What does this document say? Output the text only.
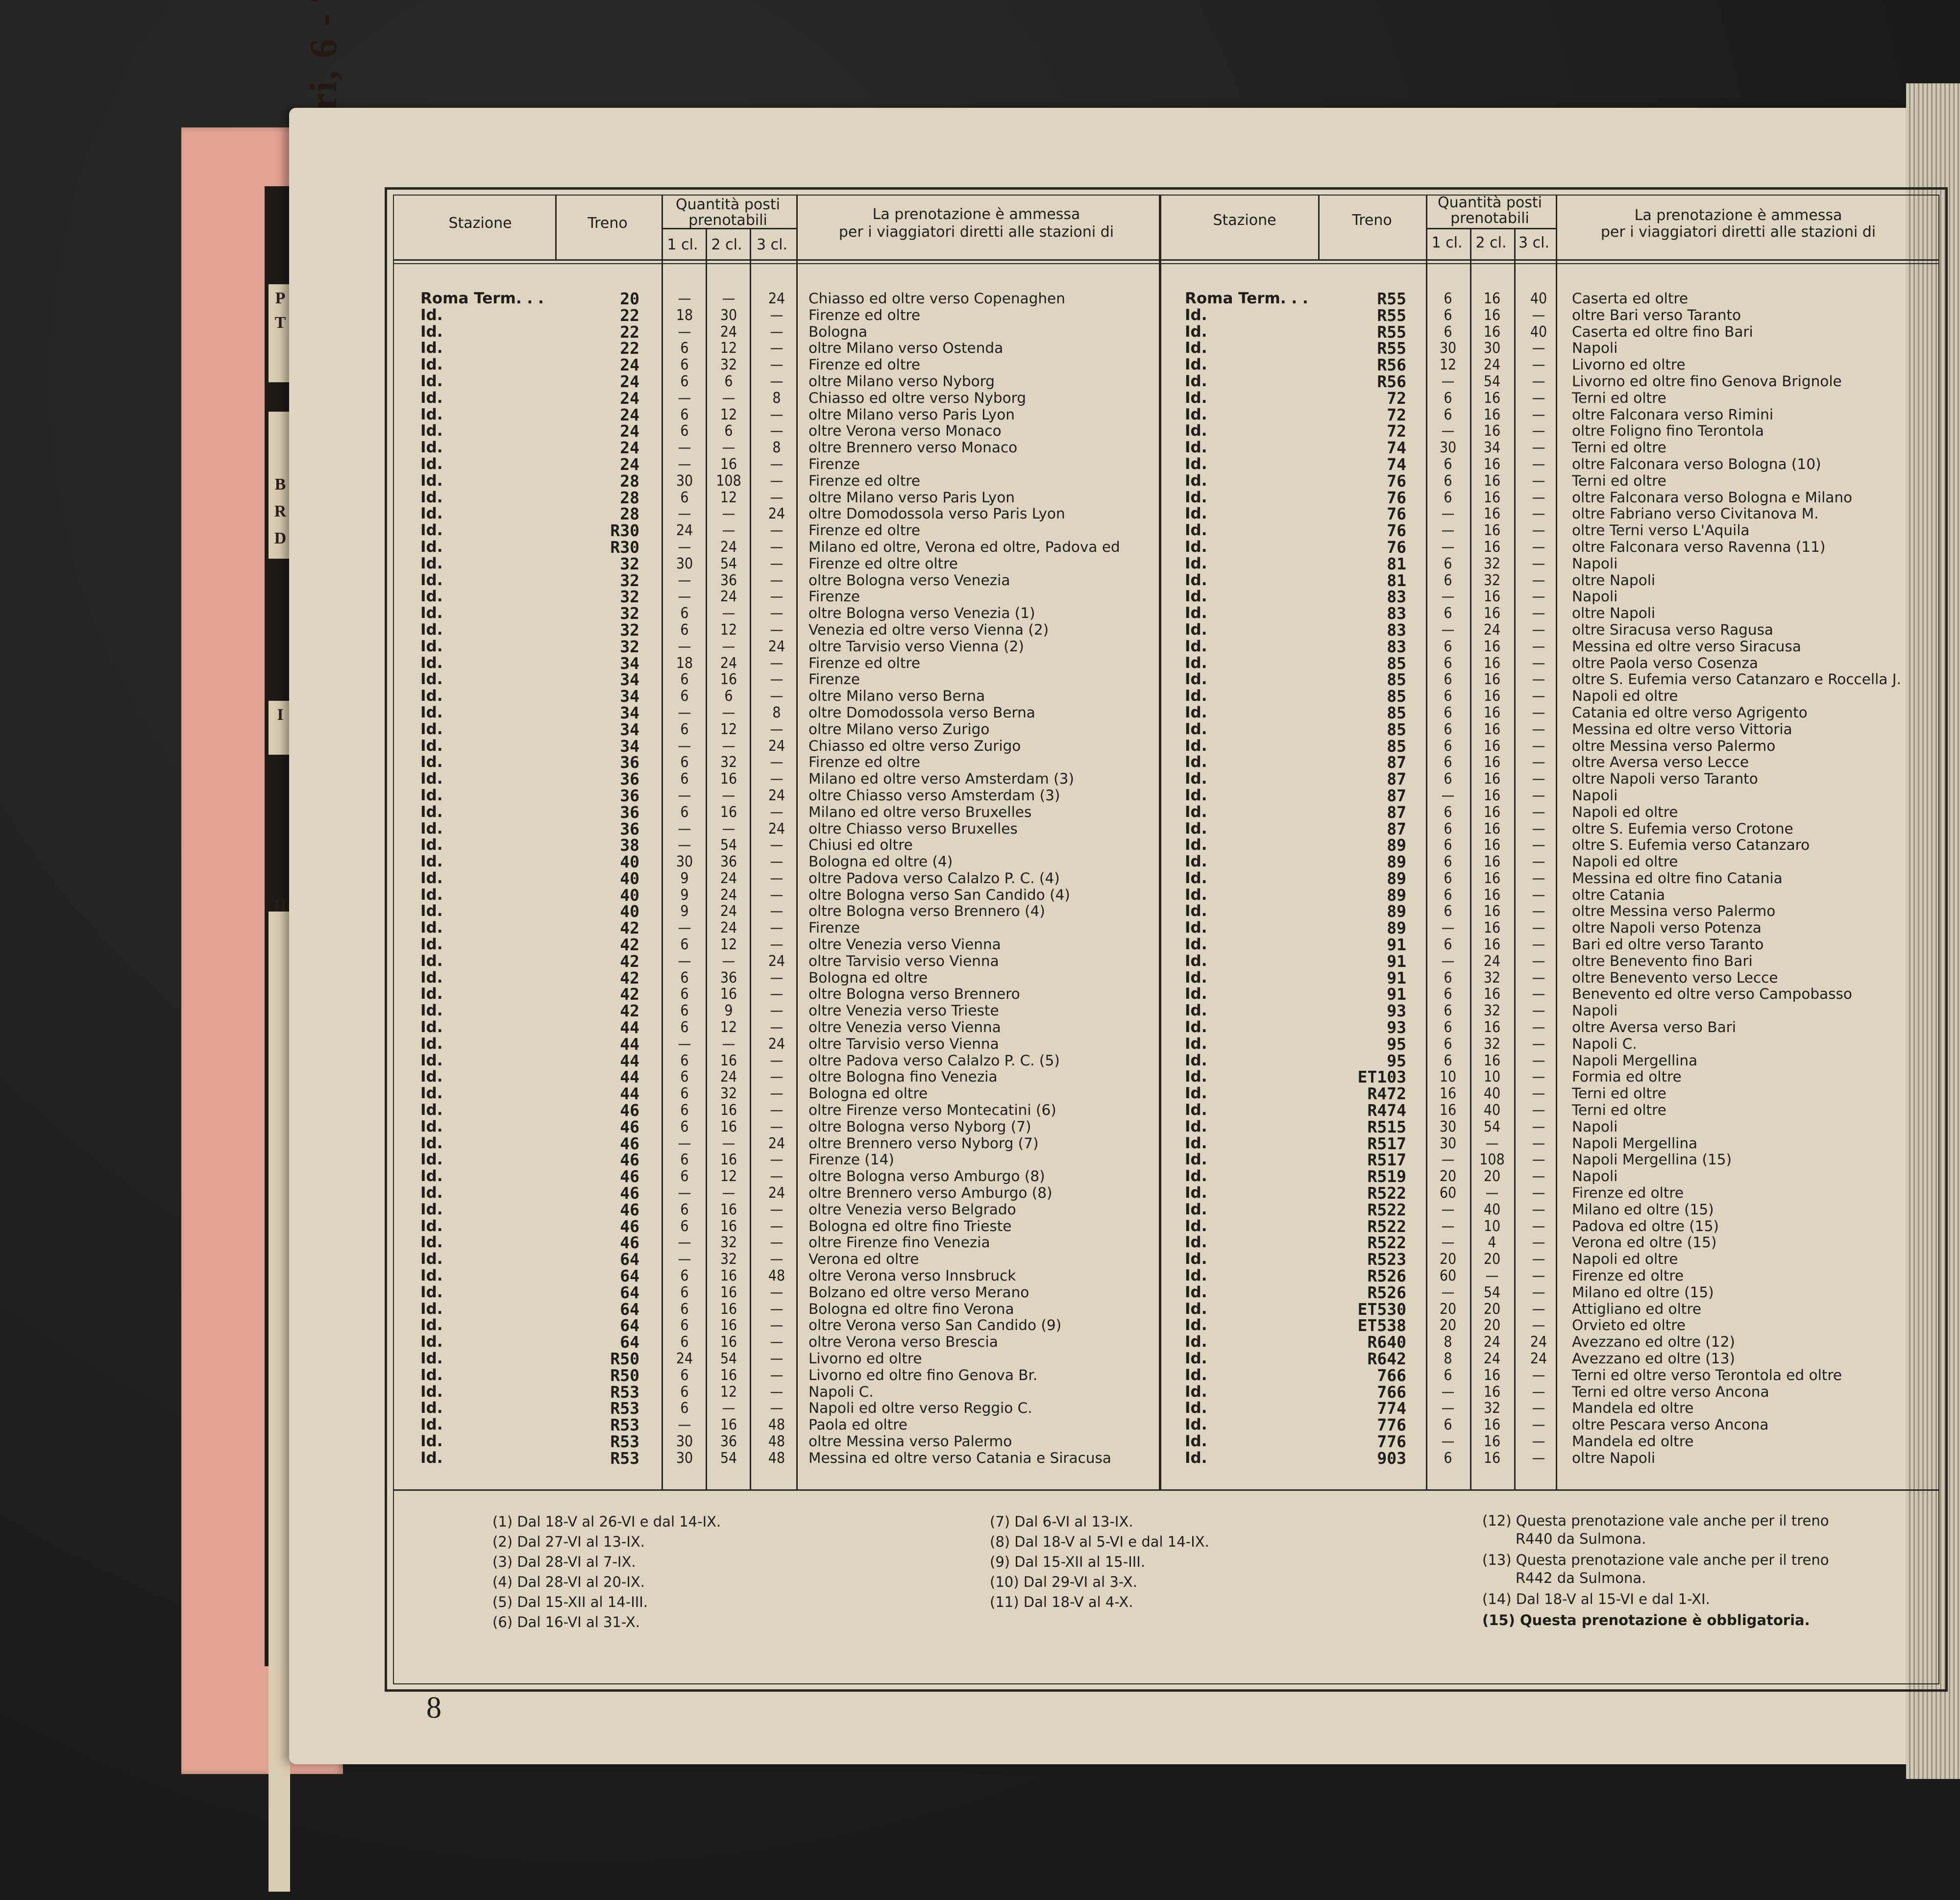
P
T
B
R
D
I
H
Stazione	Treno
Quantità posti
prenotabili
1 cl. 2 cl. 3 cl.
La prenotazione è ammessa
per i viaggiatori diretti alle stazioni di
Stazione	Treno
Quantità posti
prenotabili
1 cl. 2 cl. 3 cl.
La prenotazione è ammessa
per i viaggiatori diretti alle stazioni di
Roma Term. . .	20	—	—	24	Chiasso ed oltre verso Copenaghen
Id.	22	18	30	—	Firenze ed oltre
Id.	22	—	24	—	Bologna
Id.	22	6	12	—	oltre Milano verso Ostenda
Id.	24	6	32	—	Firenze ed oltre
Id.	24	6	6	—	oltre Milano verso Nyborg
Id.	24	—	—	8	Chiasso ed oltre verso Nyborg
Id.	24	6	12	—	oltre Milano verso Paris Lyon
Id.	24	6	6	—	oltre Verona verso Monaco
Id.	24	—	—	8	oltre Brennero verso Monaco
Id.	24	—	16	—	Firenze
Id.	28	30	108	—	Firenze ed oltre
Id.	28	6	12	—	oltre Milano verso Paris Lyon
Id.	28	—	—	24	oltre Domodossola verso Paris Lyon
Id.	R30	24	—	—	Firenze ed oltre
Id.	R30	—	24	—	Milano ed oltre, Verona ed oltre, Padova ed
Id.	32	30	54	—	Firenze ed oltre oltre
Id.	32	—	36	—	oltre Bologna verso Venezia
Id.	32	—	24	—	Firenze
Id.	32	6	—	—	oltre Bologna verso Venezia (1)
Id.	32	6	12	—	Venezia ed oltre verso Vienna (2)
Id.	32	—	—	24	oltre Tarvisio verso Vienna (2)
Id.	34	18	24	—	Firenze ed oltre
Id.	34	6	16	—	Firenze
Id.	34	6	6	—	oltre Milano verso Berna
Id.	34	—	—	8	oltre Domodossola verso Berna
Id.	34	6	12	—	oltre Milano verso Zurigo
Id.	34	—	—	24	Chiasso ed oltre verso Zurigo
Id.	36	6	32	—	Firenze ed oltre
Id.	36	6	16	—	Milano ed oltre verso Amsterdam (3)
Id.	36	—	—	24	oltre Chiasso verso Amsterdam (3)
Id.	36	6	16	—	Milano ed oltre verso Bruxelles
Id.	36	—	—	24	oltre Chiasso verso Bruxelles
Id.	38	—	54	—	Chiusi ed oltre
Id.	40	30	36	—	Bologna ed oltre (4)
Id.	40	9	24	—	oltre Padova verso Calalzo P. C. (4)
Id.	40	9	24	—	oltre Bologna verso San Candido (4)
Id.	40	9	24	—	oltre Bologna verso Brennero (4)
Id.	42	—	24	—	Firenze
Id.	42	6	12	—	oltre Venezia verso Vienna
Id.	42	—	—	24	oltre Tarvisio verso Vienna
Id.	42	6	36	—	Bologna ed oltre
Id.	42	6	16	—	oltre Bologna verso Brennero
Id.	42	6	9	—	oltre Venezia verso Trieste
Id.	44	6	12	—	oltre Venezia verso Vienna
Id.	44	—	—	24	oltre Tarvisio verso Vienna
Id.	44	6	16	—	oltre Padova verso Calalzo P. C. (5)
Id.	44	6	24	—	oltre Bologna fino Venezia
Id.	44	6	32	—	Bologna ed oltre
Id.	46	6	16	—	oltre Firenze verso Montecatini (6)
Id.	46	6	16	—	oltre Bologna verso Nyborg (7)
Id.	46	—	—	24	oltre Brennero verso Nyborg (7)
Id.	46	6	16	—	Firenze (14)
Id.	46	6	12	—	oltre Bologna verso Amburgo (8)
Id.	46	—	—	24	oltre Brennero verso Amburgo (8)
Id.	46	6	16	—	oltre Venezia verso Belgrado
Id.	46	6	16	—	Bologna ed oltre fino Trieste
Id.	46	—	32	—	oltre Firenze fino Venezia
Id.	64	—	32	—	Verona ed oltre
Id.	64	6	16	48	oltre Verona verso Innsbruck
Id.	64	6	16	—	Bolzano ed oltre verso Merano
Id.	64	6	16	—	Bologna ed oltre fino Verona
Id.	64	6	16	—	oltre Verona verso San Candido (9)
Id.	64	6	16	—	oltre Verona verso Brescia
Id.	R50	24	54	—	Livorno ed oltre
Id.	R50	6	16	—	Livorno ed oltre fino Genova Br.
Id.	R53	6	12	—	Napoli C.
Id.	R53	6	—	—	Napoli ed oltre verso Reggio C.
Id.	R53	—	16	48	Paola ed oltre
Id.	R53	30	36	48	oltre Messina verso Palermo
Id.	R53	30	54	48	Messina ed oltre verso Catania e Siracusa
Roma Term. . .	R55	6	16	40	Caserta ed oltre
Id.	R55	6	16	—	oltre Bari verso Taranto
Id.	R55	6	16	40	Caserta ed oltre fino Bari
Id.	R55	30	30	—	Napoli
Id.	R56	12	24	—	Livorno ed oltre
Id.	R56	—	54	—	Livorno ed oltre fino Genova Brignole
Id.	72	6	16	—	Terni ed oltre
Id.	72	6	16	—	oltre Falconara verso Rimini
Id.	72	—	16	—	oltre Foligno fino Terontola
Id.	74	30	34	—	Terni ed oltre
Id.	74	6	16	—	oltre Falconara verso Bologna (10)
Id.	76	6	16	—	Terni ed oltre
Id.	76	6	16	—	oltre Falconara verso Bologna e Milano
Id.	76	—	16	—	oltre Fabriano verso Civitanova M.
Id.	76	—	16	—	oltre Terni verso L'Aquila
Id.	76	—	16	—	oltre Falconara verso Ravenna (11)
Id.	81	6	32	—	Napoli
Id.	81	6	32	—	oltre Napoli
Id.	83	—	16	—	Napoli
Id.	83	6	16	—	oltre Napoli
Id.	83	—	24	—	oltre Siracusa verso Ragusa
Id.	83	6	16	—	Messina ed oltre verso Siracusa
Id.	85	6	16	—	oltre Paola verso Cosenza
Id.	85	6	16	—	oltre S. Eufemia verso Catanzaro e Roccella J.
Id.	85	6	16	—	Napoli ed oltre
Id.	85	6	16	—	Catania ed oltre verso Agrigento
Id.	85	6	16	—	Messina ed oltre verso Vittoria
Id.	85	6	16	—	oltre Messina verso Palermo
Id.	87	6	16	—	oltre Aversa verso Lecce
Id.	87	6	16	—	oltre Napoli verso Taranto
Id.	87	—	16	—	Napoli
Id.	87	6	16	—	Napoli ed oltre
Id.	87	6	16	—	oltre S. Eufemia verso Crotone
Id.	89	6	16	—	oltre S. Eufemia verso Catanzaro
Id.	89	6	16	—	Napoli ed oltre
Id.	89	6	16	—	Messina ed oltre fino Catania
Id.	89	6	16	—	oltre Catania
Id.	89	6	16	—	oltre Messina verso Palermo
Id.	89	—	16	—	oltre Napoli verso Potenza
Id.	91	6	16	—	Bari ed oltre verso Taranto
Id.	91	—	24	—	oltre Benevento fino Bari
Id.	91	6	32	—	oltre Benevento verso Lecce
Id.	91	6	16	—	Benevento ed oltre verso Campobasso
Id.	93	6	32	—	Napoli
Id.	93	6	16	—	oltre Aversa verso Bari
Id.	95	6	32	—	Napoli C.
Id.	95	6	16	—	Napoli Mergellina
Id.	ET103	10	10	—	Formia ed oltre
Id.	R472	16	40	—	Terni ed oltre
Id.	R474	16	40	—	Terni ed oltre
Id.	R515	30	54	—	Napoli
Id.	R517	30	—	—	Napoli Mergellina
Id.	R517	—	108	—	Napoli Mergellina (15)
Id.	R519	20	20	—	Napoli
Id.	R522	60	—	—	Firenze ed oltre
Id.	R522	—	40	—	Milano ed oltre (15)
Id.	R522	—	10	—	Padova ed oltre (15)
Id.	R522	—	4	—	Verona ed oltre (15)
Id.	R523	20	20	—	Napoli ed oltre
Id.	R526	60	—	—	Firenze ed oltre
Id.	R526	—	54	—	Milano ed oltre (15)
Id.	ET530	20	20	—	Attigliano ed oltre
Id.	ET538	20	20	—	Orvieto ed oltre
Id.	R640	8	24	24	Avezzano ed oltre (12)
Id.	R642	8	24	24	Avezzano ed oltre (13)
Id.	766	6	16	—	Terni ed oltre verso Terontola ed oltre
Id.	766	—	16	—	Terni ed oltre verso Ancona
Id.	774	—	32	—	Mandela ed oltre
Id.	776	6	16	—	oltre Pescara verso Ancona
Id.	776	—	16	—	Mandela ed oltre
Id.	903	6	16	—	oltre Napoli
(1) Dal 18-V al 26-VI e dal 14-IX.
(2) Dal 27-VI al 13-IX.
(3) Dal 28-VI al 7-IX.
(4) Dal 28-VI al 20-IX.
(5) Dal 15-XII al 14-III.
(6) Dal 16-VI al 31-X.
(7) Dal 6-VI al 13-IX.
(8) Dal 18-V al 5-VI e dal 14-IX.
(9) Dal 15-XII al 15-III.
(10) Dal 29-VI al 3-X.
(11) Dal 18-V al 4-X.
(12) Questa prenotazione vale anche per il treno
R440 da Sulmona.
(13) Questa prenotazione vale anche per il treno
R442 da Sulmona.
(14) Dal 18-V al 15-VI e dal 1-XI.
(15) Questa prenotazione è obbligatoria.
8
